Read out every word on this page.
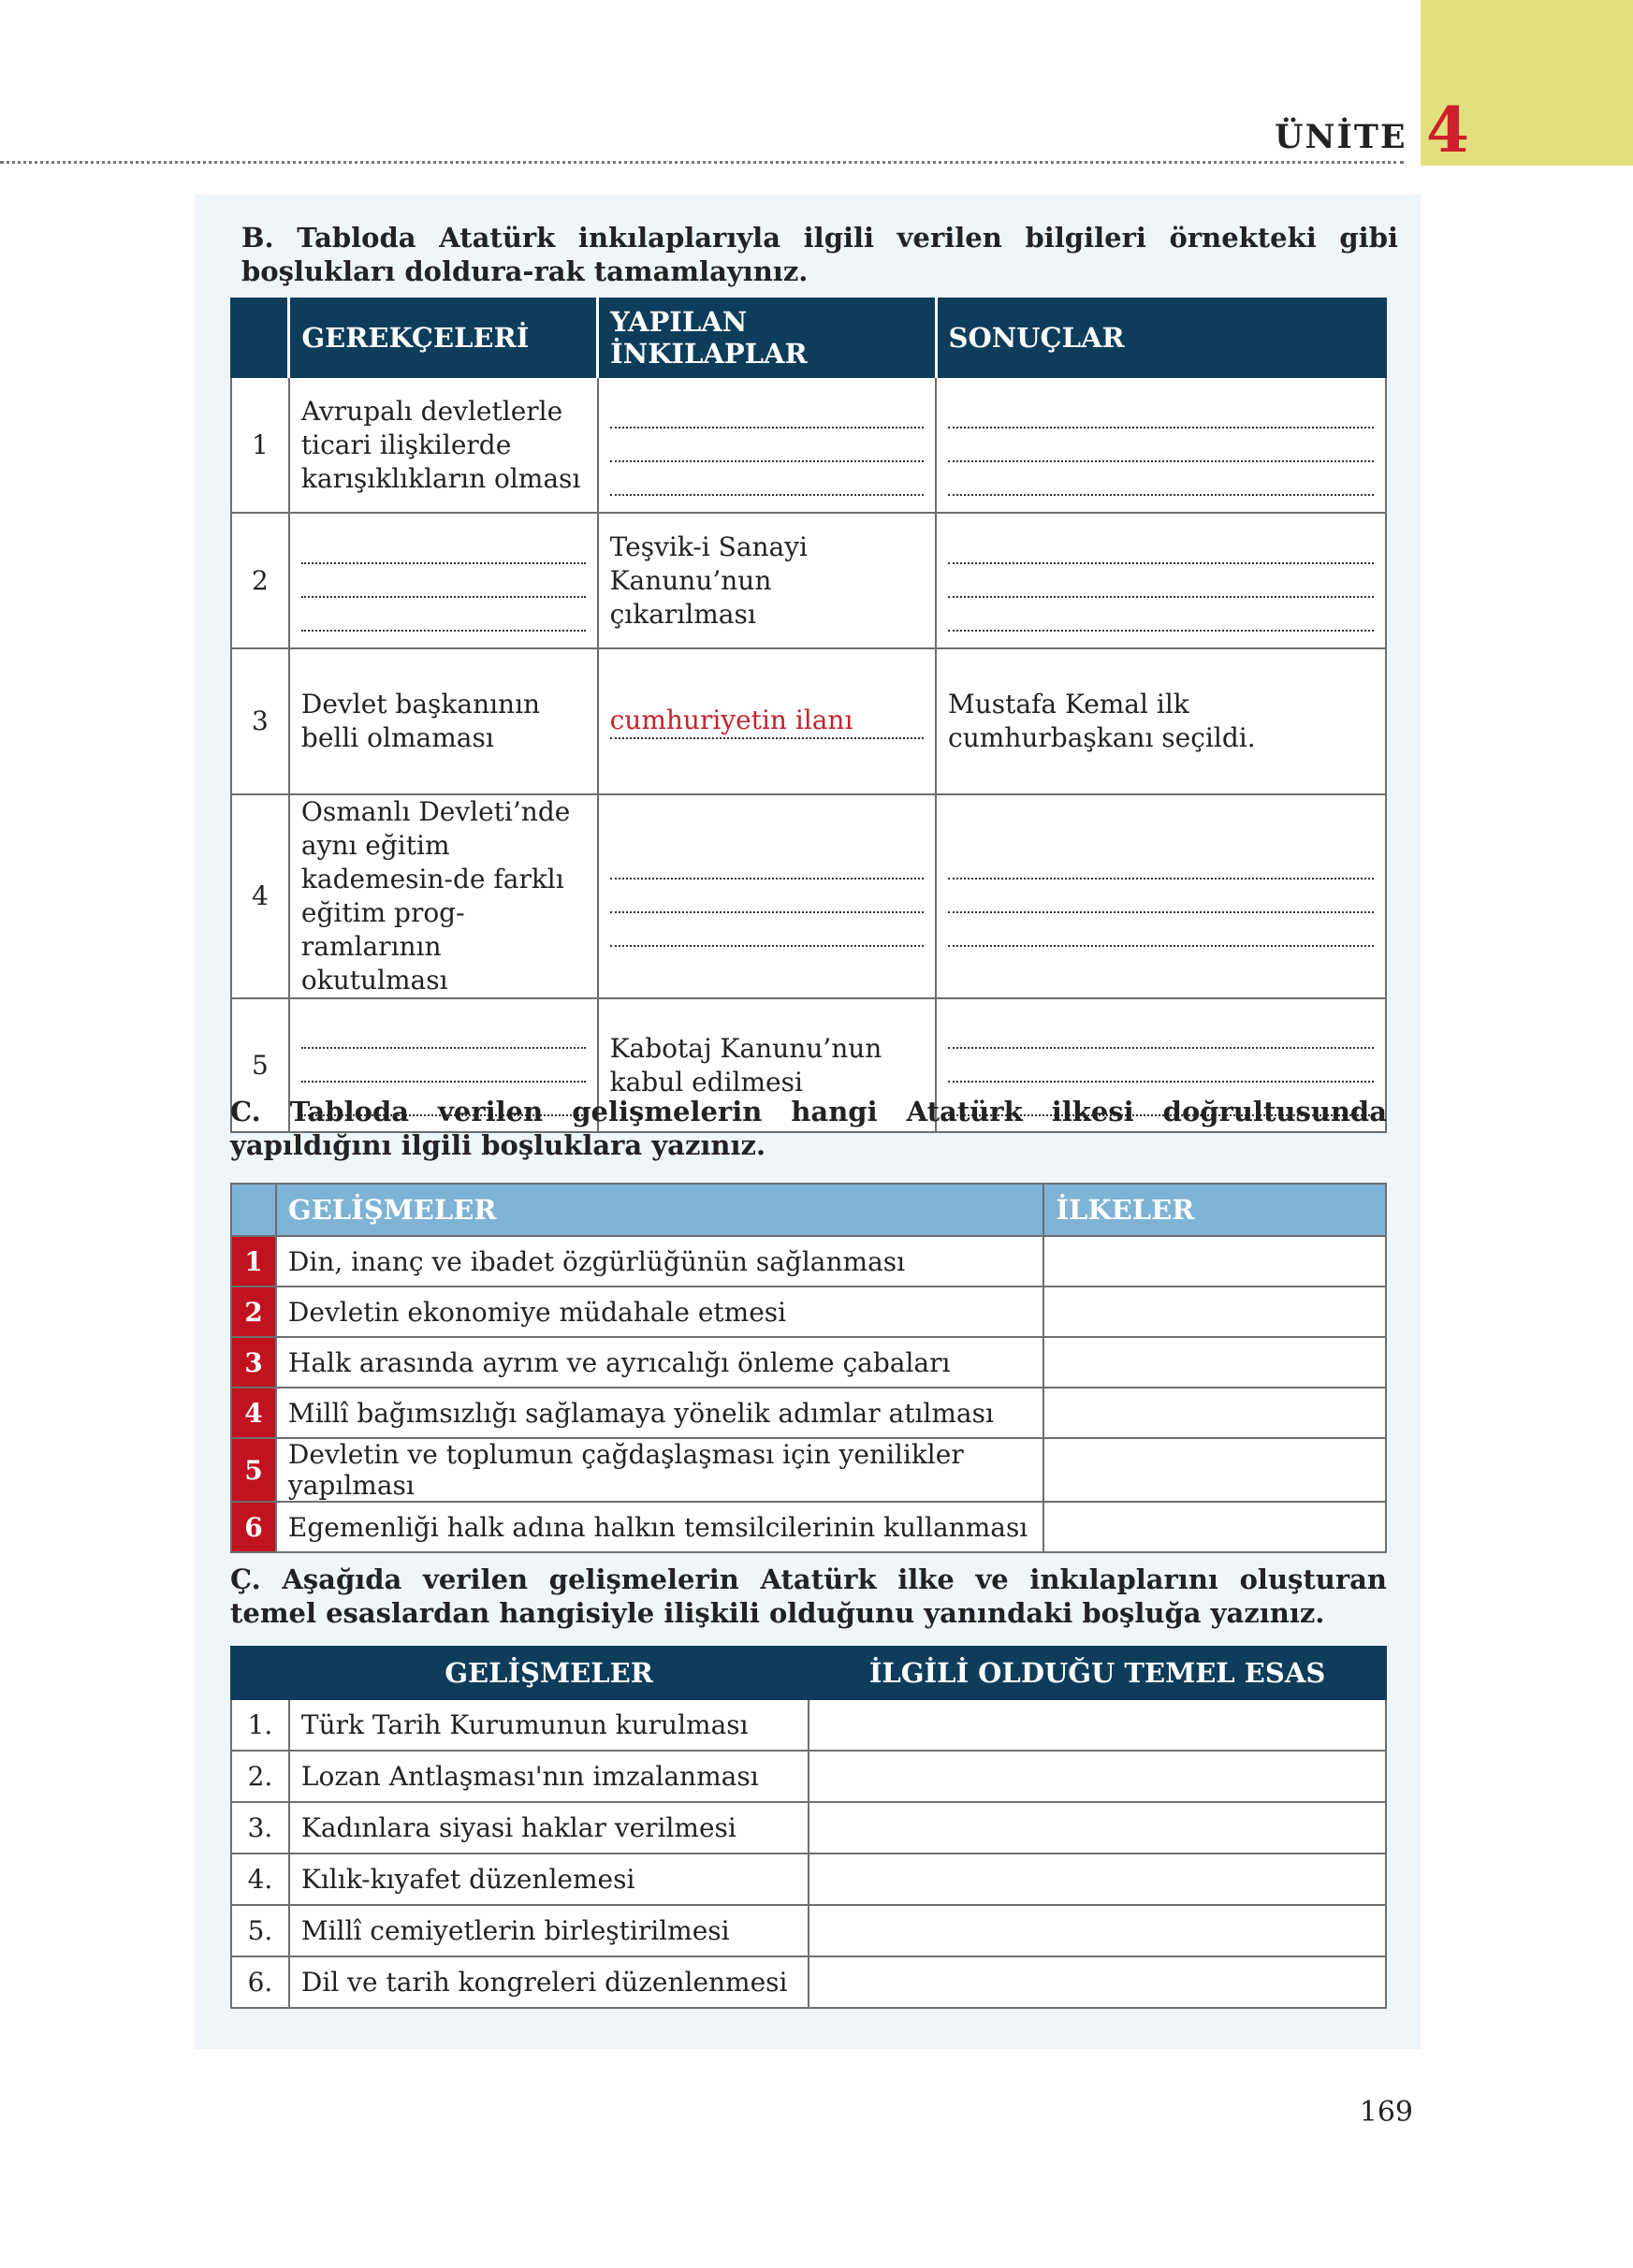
ÜNİTE 4
B. Tabloda Atatürk inkılaplarıyla ilgili verilen bilgileri örnekteki gibi boşlukları doldura-rak tamamlayınız.
	GEREKÇELERİ	YAPILAN İNKILAPLAR	SONUÇLAR
1	Avrupalı devletlerle ticari ilişkilerde karışıklıkların olması	

2		Teşvik-i Sanayi Kanunu’nun çıkarılması	

3	Devlet başkanının belli olmaması	cumhuriyetin ilanı	Mustafa Kemal ilk cumhurbaşkanı seçildi.
4	Osmanlı Devleti’nde aynı eğitim kademesin-de farklı eğitim prog-ramlarının okutulması	

5		Kabotaj Kanunu’nun kabul edilmesi	
C. Tabloda verilen gelişmelerin hangi Atatürk ilkesi doğrultusunda yapıldığını ilgili boşluklara yazınız.
	GELİŞMELER	İLKELER
1	Din, inanç ve ibadet özgürlüğünün sağlanması	
2	Devletin ekonomiye müdahale etmesi	
3	Halk arasında ayrım ve ayrıcalığı önleme çabaları	
4	Millî bağımsızlığı sağlamaya yönelik adımlar atılması	
5	Devletin ve toplumun çağdaşlaşması için yenilikler yapılması	
6	Egemenliği halk adına halkın temsilcilerinin kullanması	
Ç. Aşağıda verilen gelişmelerin Atatürk ilke ve inkılaplarını oluşturan temel esaslardan hangisiyle ilişkili olduğunu yanındaki boşluğa yazınız.
	GELİŞMELER	İLGİLİ OLDUĞU TEMEL ESAS
1.	Türk Tarih Kurumunun kurulması	
2.	Lozan Antlaşması'nın imzalanması	
3.	Kadınlara siyasi haklar verilmesi	
4.	Kılık-kıyafet düzenlemesi	
5.	Millî cemiyetlerin birleştirilmesi	
6.	Dil ve tarih kongreleri düzenlenmesi	
169
